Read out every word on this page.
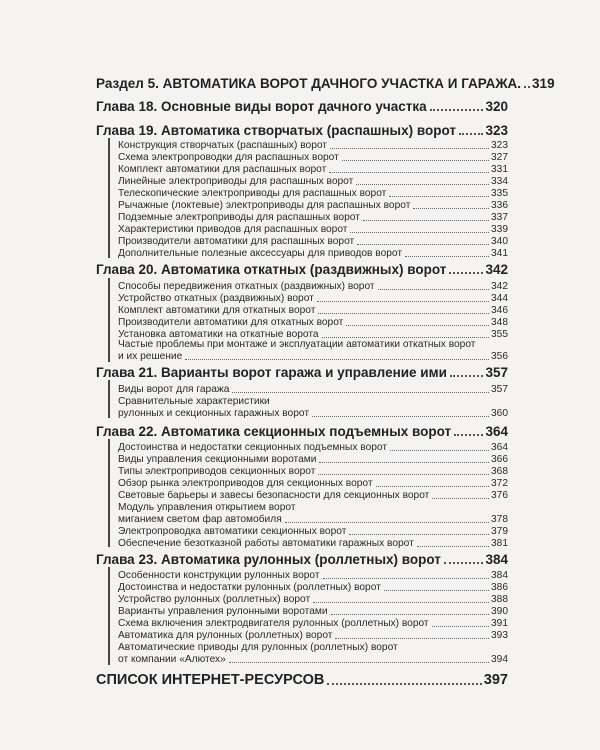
Раздел 5. АВТОМАТИКА ВОРОТ ДАЧНОГО УЧАСТКА И ГАРАЖА. 319
Глава 18. Основные виды ворот дачного участка	320
Глава 19. Автоматика створчатых (распашных) ворот 323
Конструкция створчатых (распашных) ворот	323
Схема электропроводки для распашных ворот	327
Комплект автоматики для распашных ворот	331
Линейные электроприводы для распашных ворот	334
Телескопические электроприводы для распашных ворот	335
Рычажные (локтевые) электроприводы для распашных ворот	336
Подземные электроприводы для распашных ворот	337
Характеристики приводов для распашных ворот	339
Производители автоматики для распашных ворот	340
Дополнительные полезные аксессуары для приводов ворот	341
Глава 20. Автоматика откатных (раздвижных) ворот	342
Способы передвижения откатных (раздвижных) ворот	342
Устройство откатных (раздвижных) ворот	344
Комплект автоматики для откатных ворот	346
Производители автоматики для откатных ворот	348
Установка автоматики на откатные ворота	355
Частые проблемы при монтаже и эксплуатации автоматики откатных ворот
и их решение	356
Глава 21. Варианты ворот гаража и управление ими	357
Виды ворот для гаража	357
Сравнительные характеристики
рулонных и секционных гаражных ворот	360
Глава 22. Автоматика секционных подъемных ворот	364
Достоинства и недостатки секционных подъемных ворот	364
Виды управления секционными воротами	366
Типы электроприводов секционных ворот	368
Обзор рынка электроприводов для секционных ворот	372
Световые барьеры и завесы безопасности для секционных ворот	376
Модуль управления открытием ворот
миганием светом фар автомобиля	378
Электропроводка автоматики секционных ворот	379
Обеспечение безотказной работы автоматики гаражных ворот	381
Глава 23. Автоматика рулонных (роллетных) ворот	384
Особенности конструкции рулонных ворот	384
Достоинства и недостатки рулонных (роллетных) ворот	386
Устройство рулонных (роллетных) ворот	388
Варианты управления рулонными воротами	390
Схема включения электродвигателя рулонных (роллетных) ворот	391
Автоматика для рулонных (роллетных) ворот	393
Автоматические приводы для рулонных (роллетных) ворот
от компании «Алютех»	394
СПИСОК ИНТЕРНЕТ-РЕСУРСОВ	397
